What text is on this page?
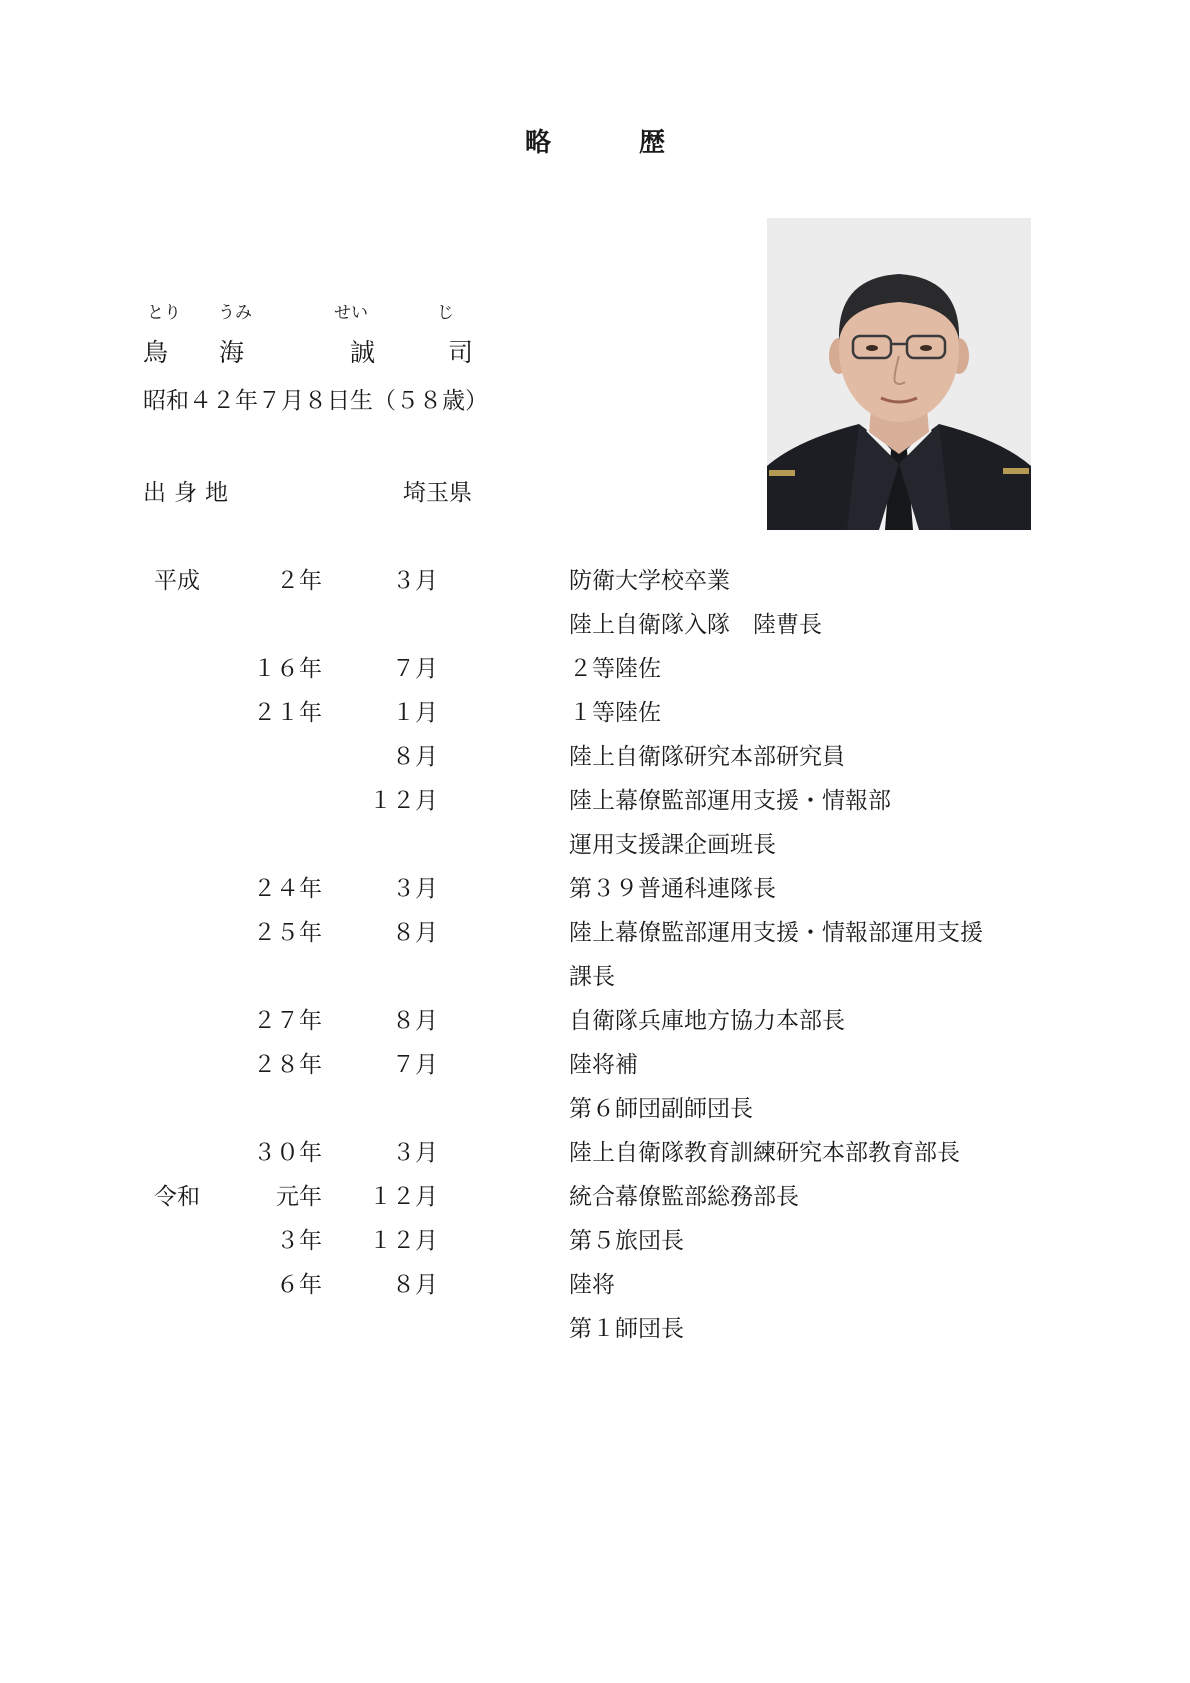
略	歴
とり うみ	せい	じ
鳥 海	誠	司
昭和４２年７月８日生（５８歳）
出身地	埼玉県
平成	２年	３月	防衛大学校卒業
陸上自衛隊入隊　陸曹長
１６年	７月	２等陸佐
２１年	１月	１等陸佐
８月	陸上自衛隊研究本部研究員
１２月	陸上幕僚監部運用支援・情報部
運用支援課企画班長
２４年	３月	第３９普通科連隊長
２５年	８月	陸上幕僚監部運用支援・情報部運用支援
課長
２７年	８月	自衛隊兵庫地方協力本部長
２８年	７月	陸将補
第６師団副師団長
３０年	３月	陸上自衛隊教育訓練研究本部教育部長
令和	元年 １２月	統合幕僚監部総務部長
３年 １２月	第５旅団長
６年	８月	陸将
第１師団長
